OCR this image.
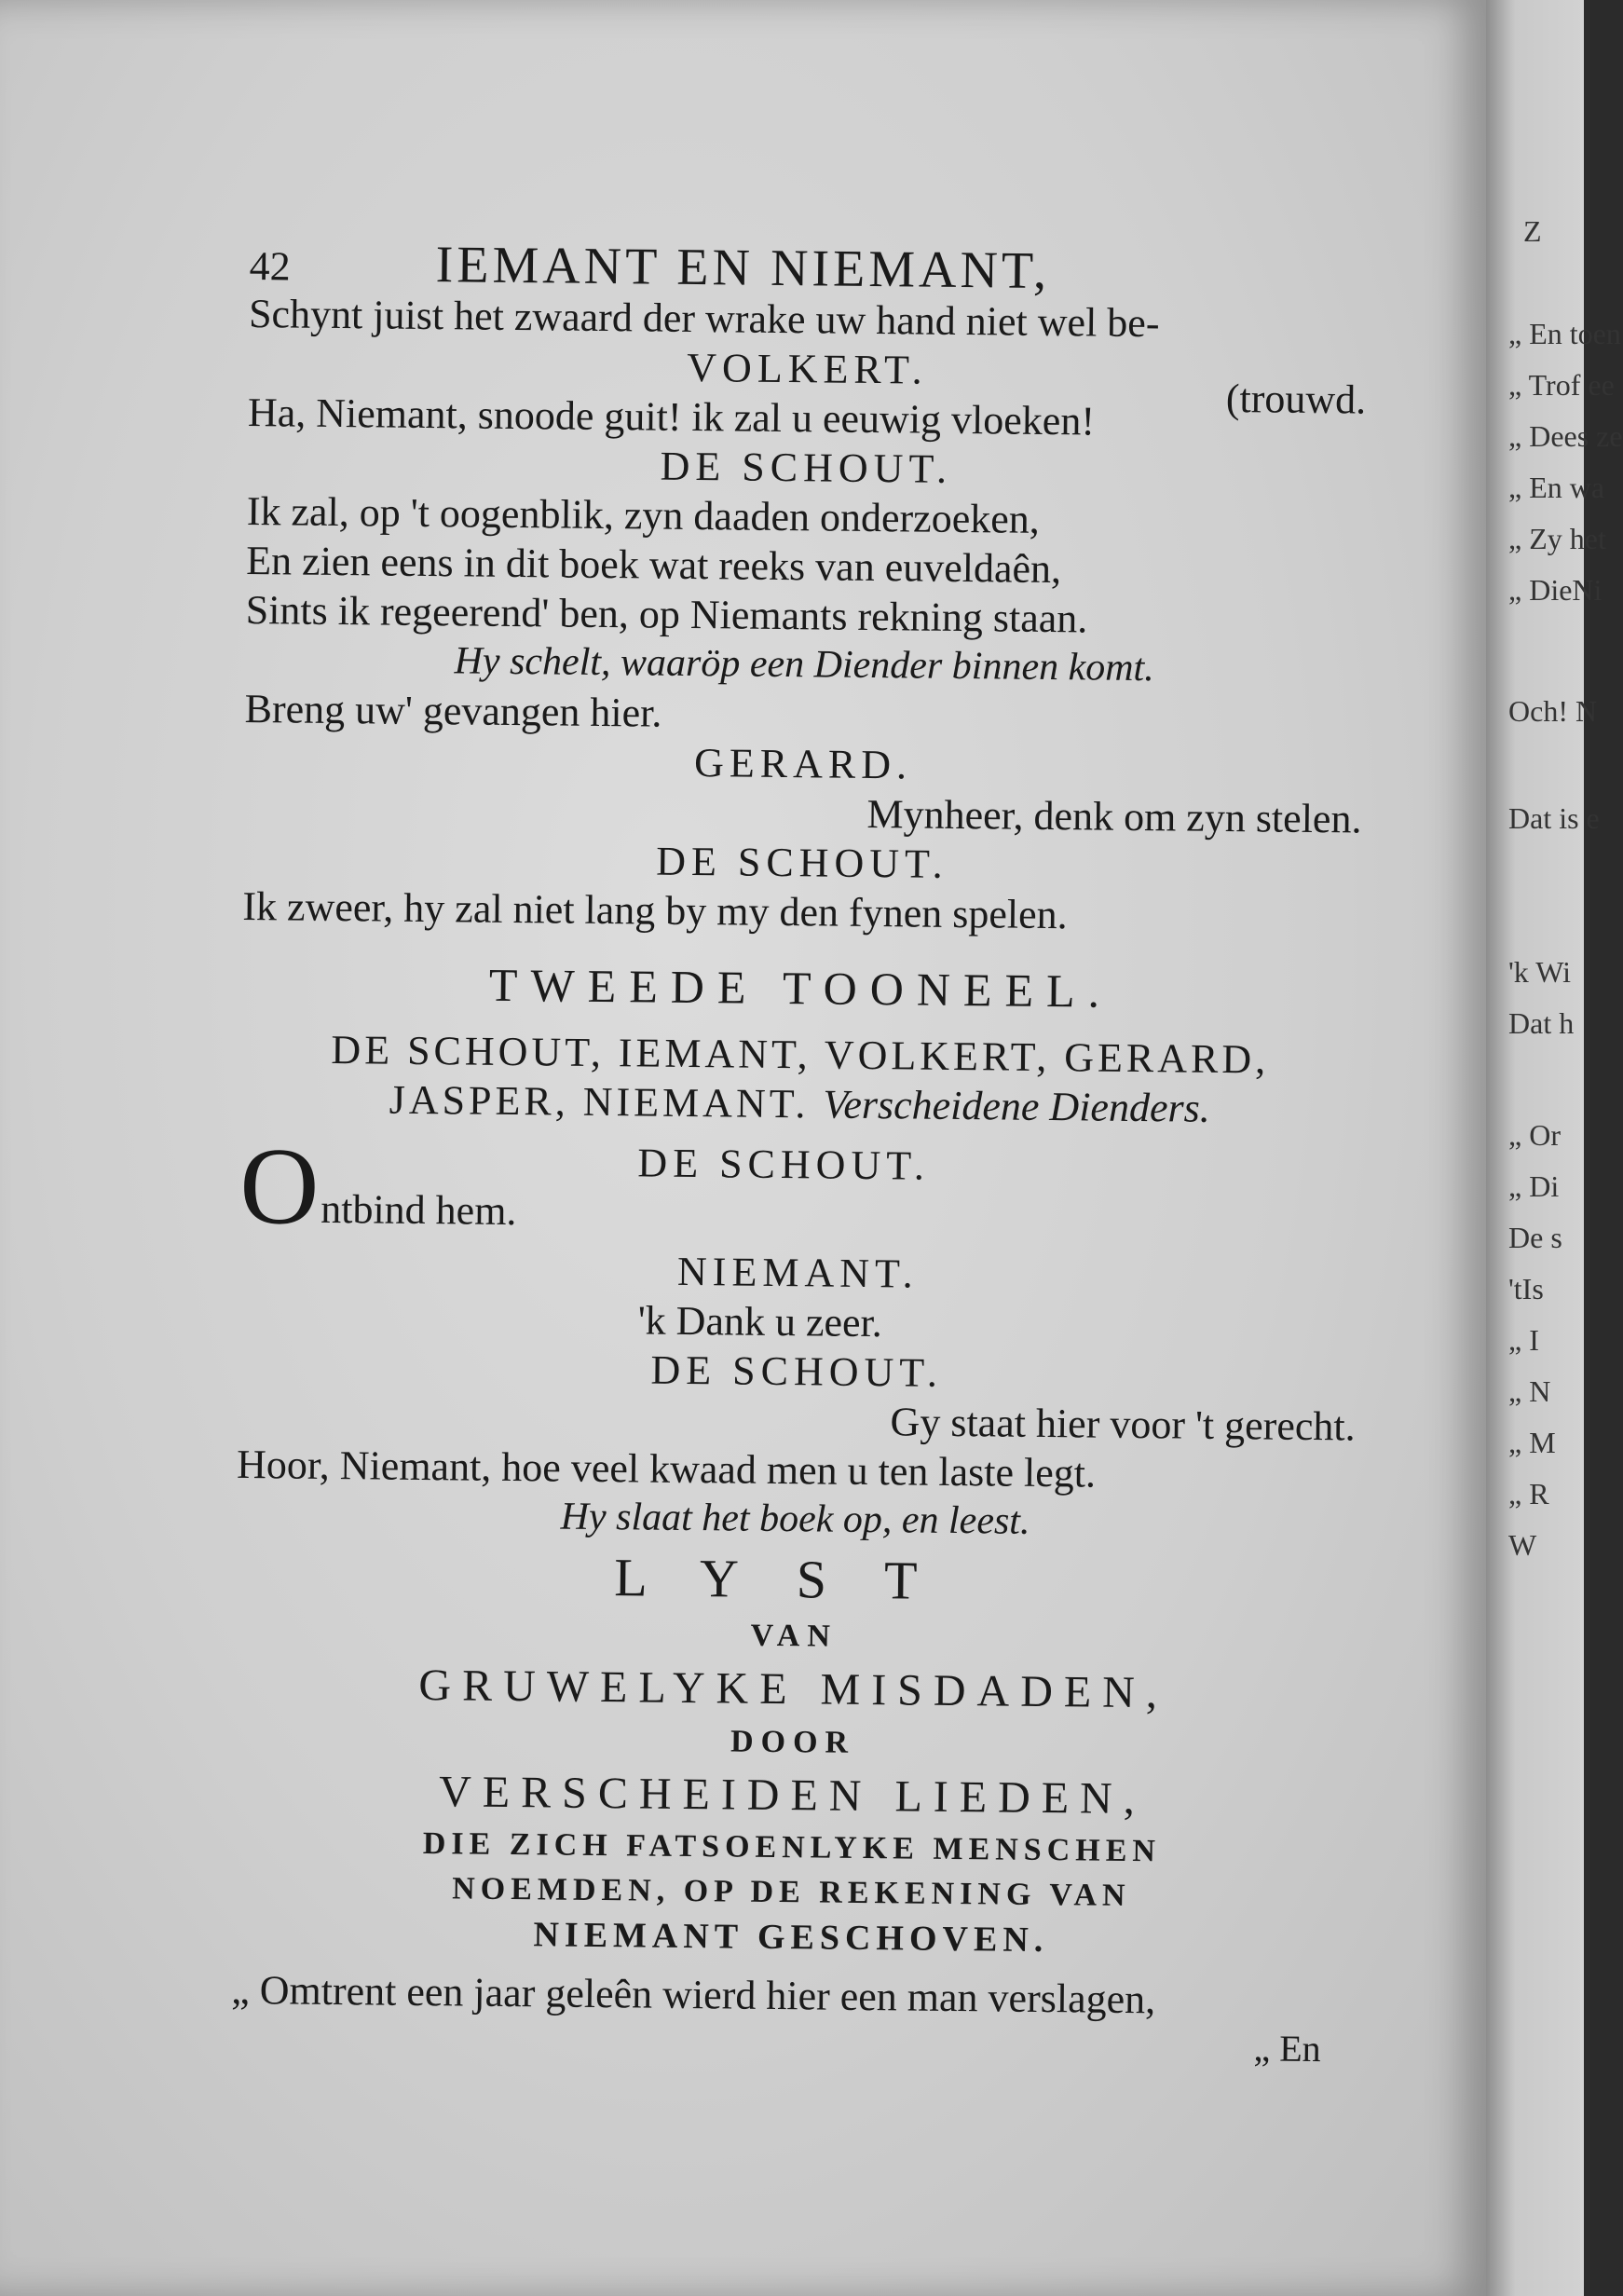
42	IEMANT EN NIEMANT,
Schynt juist het zwaard der wrake uw hand niet wel be-
VOLKERT.
Ha, Niemant, snoode guit! ik zal u eeuwig vloeken!	(trouwd.
DE SCHOUT.
Ik zal, op 't oogenblik, zyn daaden onderzoeken,
En zien eens in dit boek wat reeks van euveldaên,
Sints ik regeerend' ben, op Niemants rekning staan.
Hy schelt, waaröp een Diender binnen komt.
Breng uw' gevangen hier.
GERARD.
Mynheer, denk om zyn stelen.
DE SCHOUT.
Ik zweer, hy zal niet lang by my den fynen spelen.
TWEEDE TOONEEL.
DE SCHOUT, IEMANT, VOLKERT, GERARD,
JASPER, NIEMANT. Verscheidene Dienders.
O	DE SCHOUT.
ntbind hem.
NIEMANT.
'k Dank u zeer.
DE SCHOUT.
Gy staat hier voor 't gerecht.
Hoor, Niemant, hoe veel kwaad men u ten laste legt.
Hy slaat het boek op, en leest.
LYST
VAN
GRUWELYKE MISDADEN,
DOOR
VERSCHEIDEN LIEDEN,
DIE ZICH FATSOENLYKE MENSCHEN
NOEMDEN, OP DE REKENING VAN
NIEMANT GESCHOVEN.
„ Omtrent een jaar geleên wierd hier een man verslagen,
„ En
Z
„ En toen
„ Trof ee
„ Dees ze
„ En wa
„ Zy het
„ DieNi
Och! N
Dat is e
'k Wi
Dat h
„ Or
„ Di
De s
'tIs
„ I
„ N
„ M
„ R
W
